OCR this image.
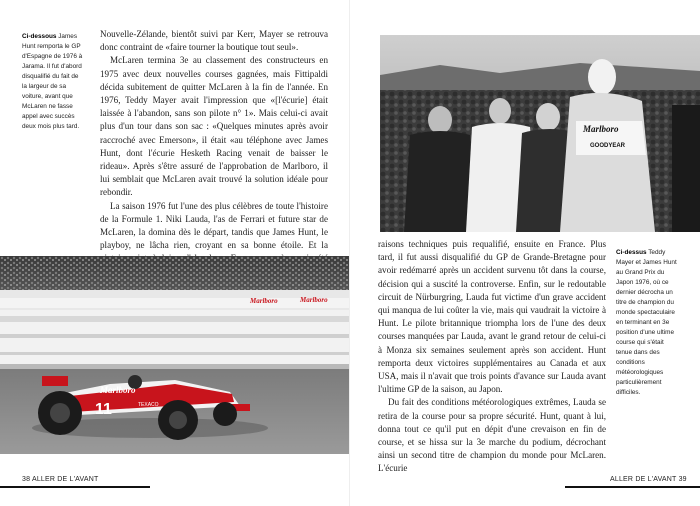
Ci-dessous James Hunt remporta le GP d'Espagne de 1976 à Jarama. Il fut d'abord disqualifié du fait de la largeur de sa voiture, avant que McLaren ne fasse appel avec succès deux mois plus tard.

Nouvelle-Zélande, bientôt suivi par Kerr, Mayer se retrouva donc contraint de «faire tourner la boutique tout seul».

McLaren termina 3e au classement des constructeurs en 1975 avec deux nouvelles courses gagnées, mais Fittipaldi décida subitement de quitter McLaren à la fin de l'année. En 1976, Teddy Mayer avait l'impression que «[l'écurie] était laissée à l'abandon, sans son pilote n° 1». Mais celui-ci avait plus d'un tour dans son sac : «Quelques minutes après avoir raccroché avec Emerson», il était «au téléphone avec James Hunt, dont l'écurie Hesketh Racing venait de baisser le rideau». Après s'être assuré de l'approbation de Marlboro, il lui semblait que McLaren avait trouvé la solution idéale pour rebondir.

La saison 1976 fut l'une des plus célèbres de toute l'histoire de la Formule 1. Niki Lauda, l'as de Ferrari et future star de McLaren, la domina dès le départ, tandis que James Hunt, le playboy, ne lâcha rien, croyant en sa bonne étoile. Et la

Marlboro	Marlboro
11
Marlboro
TEXACO
38 ALLER DE L'AVANT
Marlboro
GOODYEAR

raisons techniques puis requalifié, ensuite en France. Plus tard, il fut aussi disqualifié du GP de Grande-Bretagne pour avoir redémarré après un accident survenu tôt dans la course, décision qui a suscité la controverse. Enfin, sur le redoutable circuit de Nürburgring, Lauda fut victime d'un grave accident qui manqua de lui coûter la vie, mais qui vaudrait la victoire à Hunt. Le pilote britannique triompha lors de l'une des deux courses manquées par Lauda, avant le grand retour de celui-ci à Monza six semaines seulement après son accident. Hunt remporta deux victoires supplémentaires au Canada et aux USA, mais il n'avait que trois points d'avance sur Lauda avant l'ultime GP de la saison, au Japon.

Du fait des conditions météorologiques extrêmes, Lauda se retira de la course pour sa propre sécurité. Hunt, quant à lui, donna tout ce qu'il put en dépit d'une crevaison en fin de course, et se hissa sur la 3e marche du podium, décrochant ainsi un second titre de champion du monde pour McLaren. L'écurie

Ci-dessus Teddy Mayer et James Hunt au Grand Prix du Japon 1976, où ce dernier décrocha un titre de champion du monde spectaculaire en terminant en 3e position d'une ultime course qui s'était tenue dans des conditions météorologiques particulièrement difficiles.
ALLER DE L'AVANT 39
